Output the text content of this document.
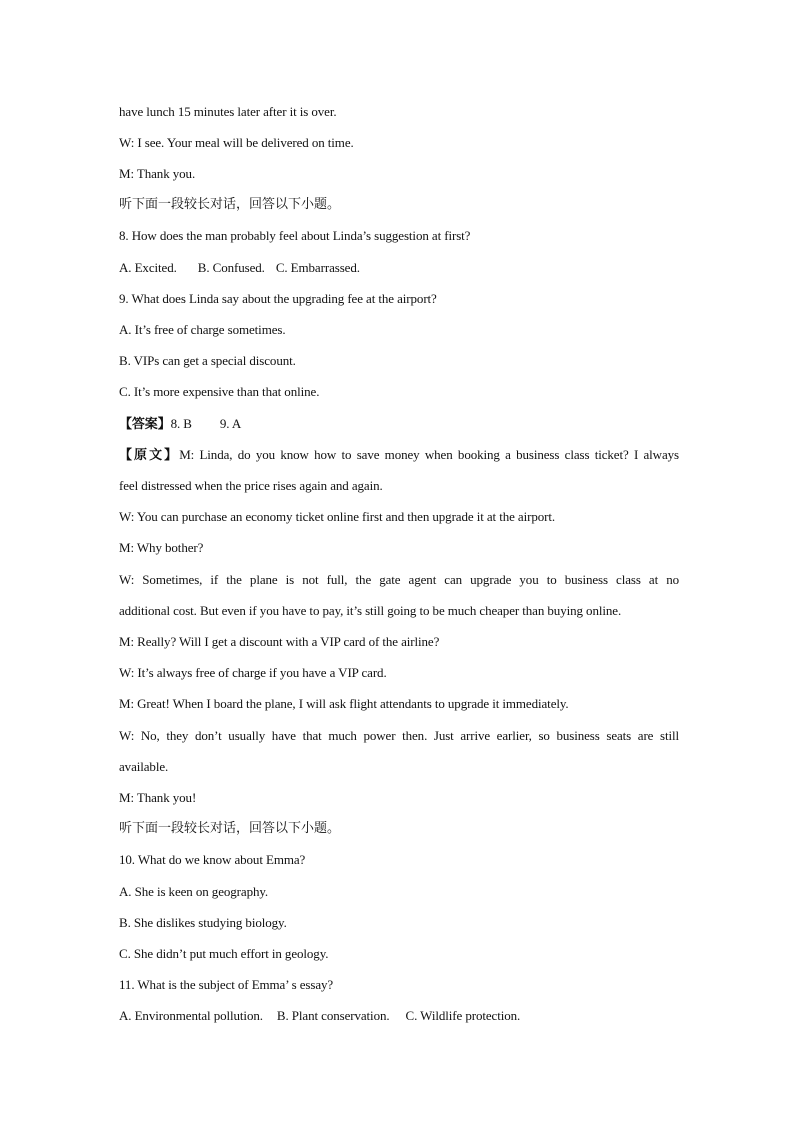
have lunch 15 minutes later after it is over.
W: I see. Your meal will be delivered on time.
M: Thank you.
听下面一段较长对话，回答以下小题。
8. How does the man probably feel about Linda’s suggestion at first?
A. Excited. B. Confused. C. Embarrassed.
9. What does Linda say about the upgrading fee at the airport?
A. It’s free of charge sometimes.
B. VIPs can get a special discount.
C. It’s more expensive than that online.
【答案】8. B 9. A
【原文】M: Linda, do you know how to save money when booking a business class ticket? I always
feel distressed when the price rises again and again.
W: You can purchase an economy ticket online first and then upgrade it at the airport.
M: Why bother?
W: Sometimes, if the plane is not full, the gate agent can upgrade you to business class at no
additional cost. But even if you have to pay, it’s still going to be much cheaper than buying online.
M: Really? Will I get a discount with a VIP card of the airline?
W: It’s always free of charge if you have a VIP card.
M: Great! When I board the plane, I will ask flight attendants to upgrade it immediately.
W: No, they don’t usually have that much power then. Just arrive earlier, so business seats are still
available.
M: Thank you!
听下面一段较长对话，回答以下小题。
10. What do we know about Emma?
A. She is keen on geography.
B. She dislikes studying biology.
C. She didn’t put much effort in geology.
11. What is the subject of Emma’ s essay?
A. Environmental pollution. B. Plant conservation. C. Wildlife protection.
